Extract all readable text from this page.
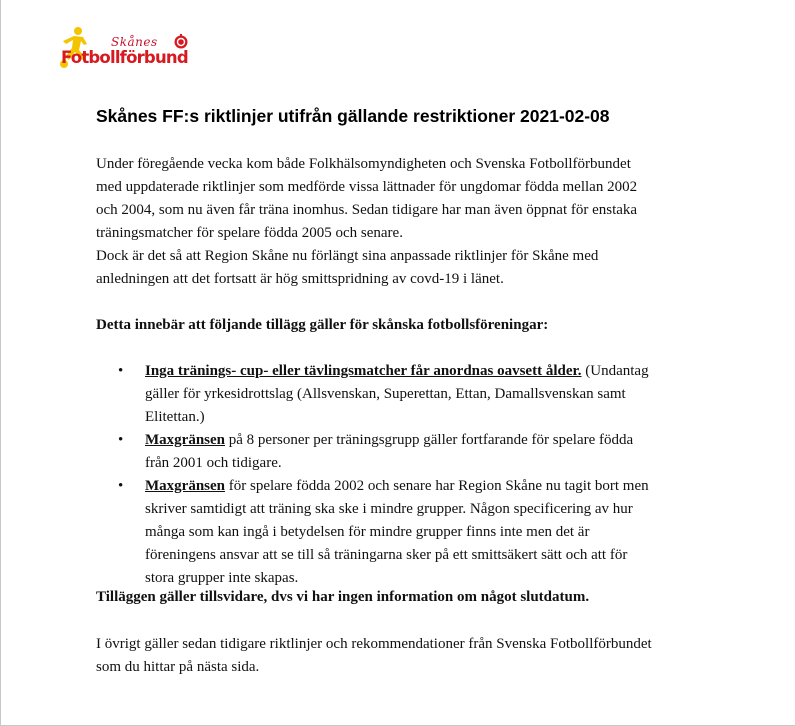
Skånes
Fotbollförbund
Skånes FF:s riktlinjer utifrån gällande restriktioner 2021-02-08

Under föregående vecka kom både Folkhälsomyndigheten och Svenska Fotbollförbundet
med uppdaterade riktlinjer som medförde vissa lättnader för ungdomar födda mellan 2002
och 2004, som nu även får träna inomhus. Sedan tidigare har man även öppnat för enstaka
träningsmatcher för spelare födda 2005 och senare.

Dock är det så att Region Skåne nu förlängt sina anpassade riktlinjer för Skåne med
anledningen att det fortsatt är hög smittspridning av covd-19 i länet.

Detta innebär att följande tillägg gäller för skånska fotbollsföreningar:

• Inga tränings- cup- eller tävlingsmatcher får anordnas oavsett ålder. (Undantag
gäller för yrkesidrottslag (Allsvenskan, Superettan, Ettan, Damallsvenskan samt
Elitettan.)
• Maxgränsen på 8 personer per träningsgrupp gäller fortfarande för spelare födda
från 2001 och tidigare.
• Maxgränsen för spelare födda 2002 och senare har Region Skåne nu tagit bort men
skriver samtidigt att träning ska ske i mindre grupper. Någon specificering av hur
många som kan ingå i betydelsen för mindre grupper finns inte men det är
föreningens ansvar att se till så träningarna sker på ett smittsäkert sätt och att för
stora grupper inte skapas.

Tilläggen gäller tillsvidare, dvs vi har ingen information om något slutdatum.

I övrigt gäller sedan tidigare riktlinjer och rekommendationer från Svenska Fotbollförbundet
som du hittar på nästa sida.
